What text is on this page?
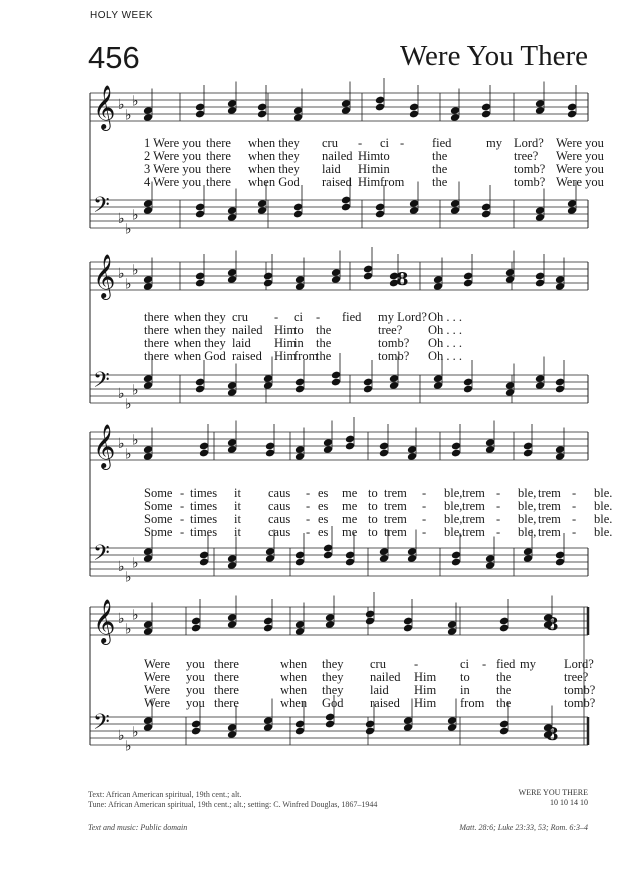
HOLY WEEK
456	Were You There
𝄞 ♭
♭
♭
𝄢 ♭
♭
♭
𝄞 ♭
♭
♭
𝄢 ♭
♭
♭
𝄞 ♭
♭
♭
𝄢 ♭
♭
♭
𝄞 ♭
♭
♭
𝄢 ♭
♭
♭
8
8
8
1 Were you there when they cru - ci - fied	my Lord? Were you
2 Were you there when they nailed Him to	the	tree? Were you
3 Were you there when they laid Him in	the	tomb? Were you
4 Were you there when God raised Him from the	tomb? Were you
there when they cru - ci - fied my Lord? Oh . . .
there when they nailed Him
to the	tree? Oh . . .
there when they laid Him
in the	tomb? Oh . . .
there when God raised Him
from
the	tomb? Oh . . .
Some - times it caus - es me to trem - ble, trem - ble, trem - ble.
Some - times it caus - es me to trem - ble, trem - ble, trem - ble.
Some - times it caus - es me to trem - ble, trem - ble, trem - ble.
Some - times it caus - es me to trem - ble, trem - ble, trem - ble.
Were you there	when they cru -	ci - fied my Lord?
Were you there	when they nailed Him to the	tree?
Were you there	when they laid Him in the	tomb?
Were you there	when God raised Him from the	tomb?
Text: African American spiritual, 19th cent.; alt.
Tune: African American spiritual, 19th cent.; alt.; setting: C. Winfred Douglas, 1867–1944
Text and music: Public domain
WERE YOU THERE
10 10 14 10
Matt. 28:6; Luke 23:33, 53; Rom. 6:3–4
